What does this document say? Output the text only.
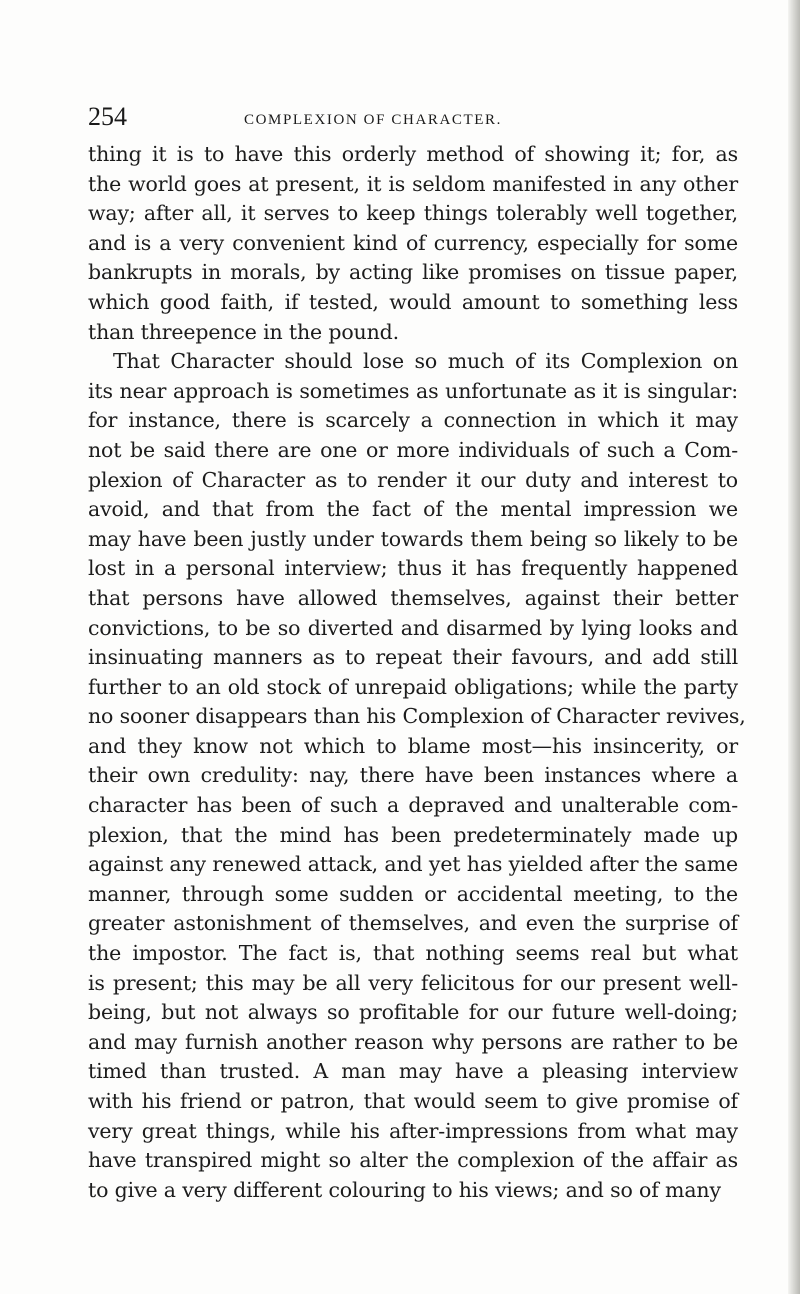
254	COMPLEXION OF CHARACTER.
thing it is to have this orderly method of showing it; for, as
the world goes at present, it is seldom manifested in any other
way; after all, it serves to keep things tolerably well together,
and is a very convenient kind of currency, especially for some
bankrupts in morals, by acting like promises on tissue paper,
which good faith, if tested, would amount to something less
than threepence in the pound.
That Character should lose so much of its Complexion on
its near approach is sometimes as unfortunate as it is singular:
for instance, there is scarcely a connection in which it may
not be said there are one or more individuals of such a Com-
plexion of Character as to render it our duty and interest to
avoid, and that from the fact of the mental impression we
may have been justly under towards them being so likely to be
lost in a personal interview; thus it has frequently happened
that persons have allowed themselves, against their better
convictions, to be so diverted and disarmed by lying looks and
insinuating manners as to repeat their favours, and add still
further to an old stock of unrepaid obligations; while the party
no sooner disappears than his Complexion of Character revives,
and they know not which to blame most—his insincerity, or
their own credulity: nay, there have been instances where a
character has been of such a depraved and unalterable com-
plexion, that the mind has been predeterminately made up
against any renewed attack, and yet has yielded after the same
manner, through some sudden or accidental meeting, to the
greater astonishment of themselves, and even the surprise of
the impostor. The fact is, that nothing seems real but what
is present; this may be all very felicitous for our present well-
being, but not always so profitable for our future well-doing;
and may furnish another reason why persons are rather to be
timed than trusted. A man may have a pleasing interview
with his friend or patron, that would seem to give promise of
very great things, while his after-impressions from what may
have transpired might so alter the complexion of the affair as
to give a very different colouring to his views; and so of many
